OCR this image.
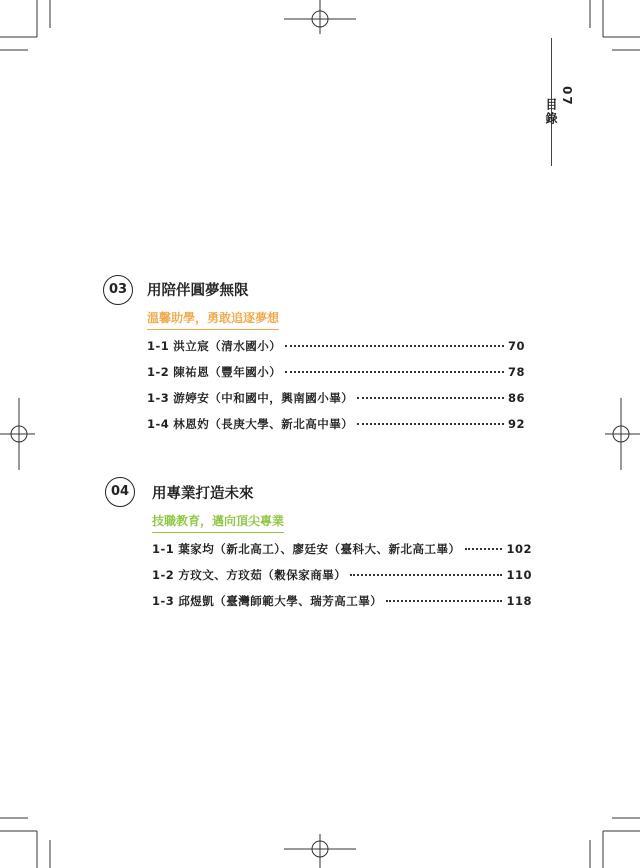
07
目錄
03	用陪伴圓夢無限
溫馨助學，勇敢追逐夢想
1-1 洪立宸（清水國小）	70
1-2 陳祐恩（豐年國小）	78
1-3 游婷安（中和國中，興南國小畢）	86
1-4 林恩妁（長庚大學、新北高中畢）	92
04	用專業打造未來
技職教育，邁向頂尖專業
1-1 葉家均（新北高工）、廖廷安（臺科大、新北高工畢）	102
1-2 方玟文、方玟茹（穀保家商畢）	110
1-3 邱煜凱（臺灣師範大學、瑞芳高工畢）	118
